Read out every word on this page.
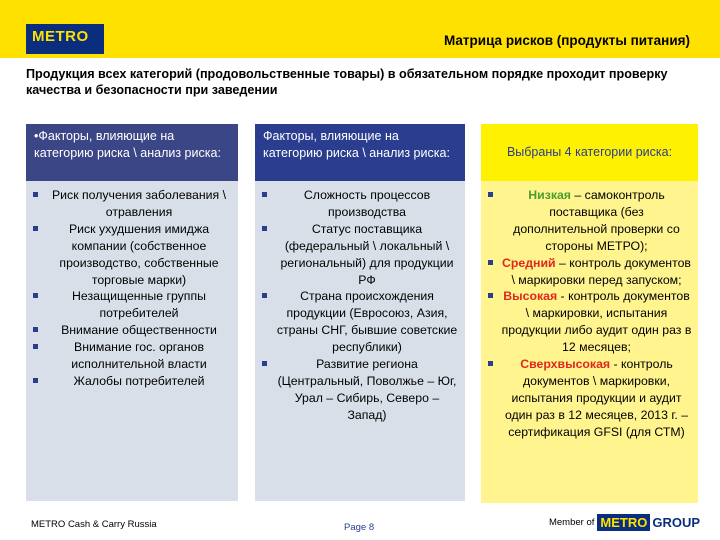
METRO	Матрица рисков (продукты питания)
Продукция всех категорий (продовольственные товары) в обязательном порядке проходит проверку качества и безопасности при заведении
•Факторы, влияющие на категорию риска \ анализ риска:
Риск получения заболевания \ отравления
Риск ухудшения имиджа компании (собственное производство, собственные торговые марки)
Незащищенные группы потребителей
Внимание общественности
Внимание гос. органов исполнительной власти
Жалобы потребителей
Факторы, влияющие на категорию риска \ анализ риска:
Сложность процессов производства
Статус поставщика (федеральный \ локальный \ региональный) для продукции РФ
Страна происхождения продукции (Евросоюз, Азия, страны СНГ, бывшие советские республики)
Развитие региона (Центральный, Поволжье – Юг, Урал – Сибирь, Северо – Запад)
Выбраны 4 категории риска:
Низкая – самоконтроль поставщика (без дополнительной проверки со стороны МЕТРО);
Средний – контроль документов \ маркировки перед запуском;
Высокая - контроль документов \ маркировки, испытания продукции либо аудит один раз в 12 месяцев;
Сверхвысокая - контроль документов \ маркировки, испытания продукции и аудит один раз в 12 месяцев, 2013 г. – сертификация GFSI (для СТМ)
METRO Cash & Carry Russia	Page 8	Member of METRO GROUP
